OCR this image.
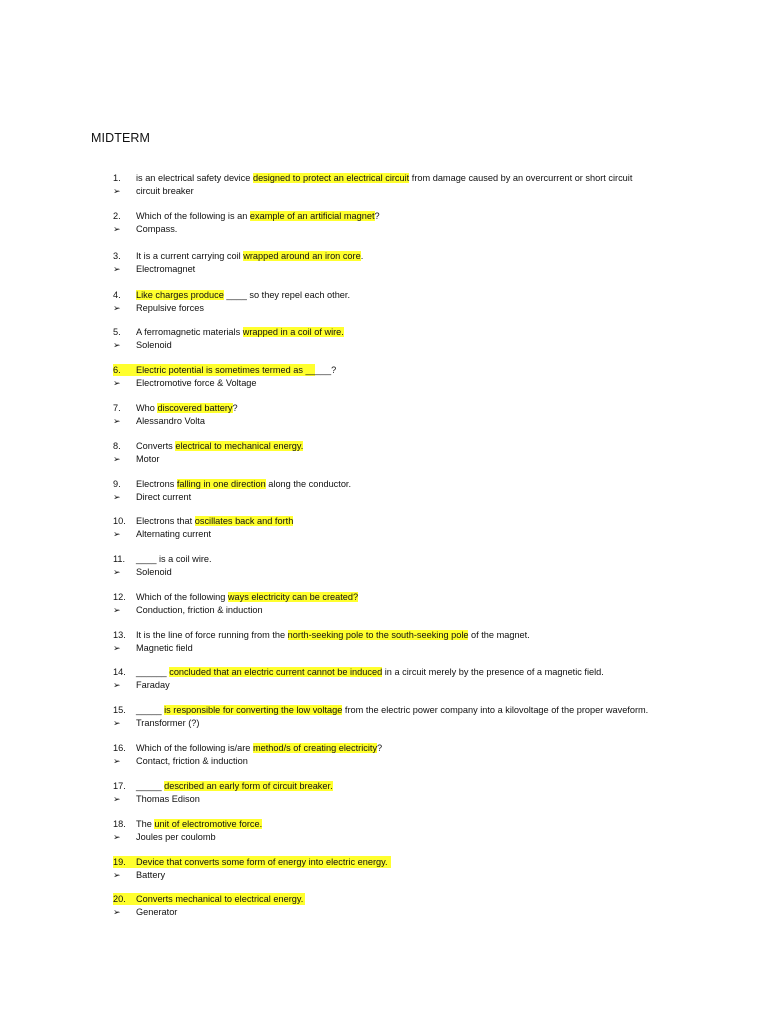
MIDTERM
1.	is an electrical safety device designed to protect an electrical circuit from damage caused by an overcurrent or short circuit
➢ circuit breaker
2.	Which of the following is an example of an artificial magnet?
➢ Compass.
3.	It is a current carrying coil wrapped around an iron core.
➢ Electromagnet
4.	Like charges produce ____ so they repel each other.
➢ Repulsive forces
5.	A ferromagnetic materials wrapped in a coil of wire.
➢ Solenoid
6.	Electric potential is sometimes termed as _____?
➢ Electromotive force & Voltage
7.	Who discovered battery?
➢ Alessandro Volta
8.	Converts electrical to mechanical energy.
➢ Motor
9.	Electrons falling in one direction along the conductor.
➢ Direct current
10.	Electrons that oscillates back and forth
➢ Alternating current
11.	____ is a coil wire.
➢ Solenoid
12.	Which of the following ways electricity can be created?
➢ Conduction, friction & induction
13.	It is the line of force running from the north-seeking pole to the south-seeking pole of the magnet.
➢ Magnetic field
14.	______ concluded that an electric current cannot be induced in a circuit merely by the presence of a magnetic field.
➢ Faraday
15.	_____ is responsible for converting the low voltage from the electric power company into a kilovoltage of the proper waveform.
➢ Transformer (?)
16.	Which of the following is/are method/s of creating electricity?
➢ Contact, friction & induction
17.	_____ described an early form of circuit breaker.
➢ Thomas Edison
18.	The unit of electromotive force.
➢ Joules per coulomb
19.	Device that converts some form of energy into electric energy.
➢ Battery
20.	Converts mechanical to electrical energy.
➢ Generator
